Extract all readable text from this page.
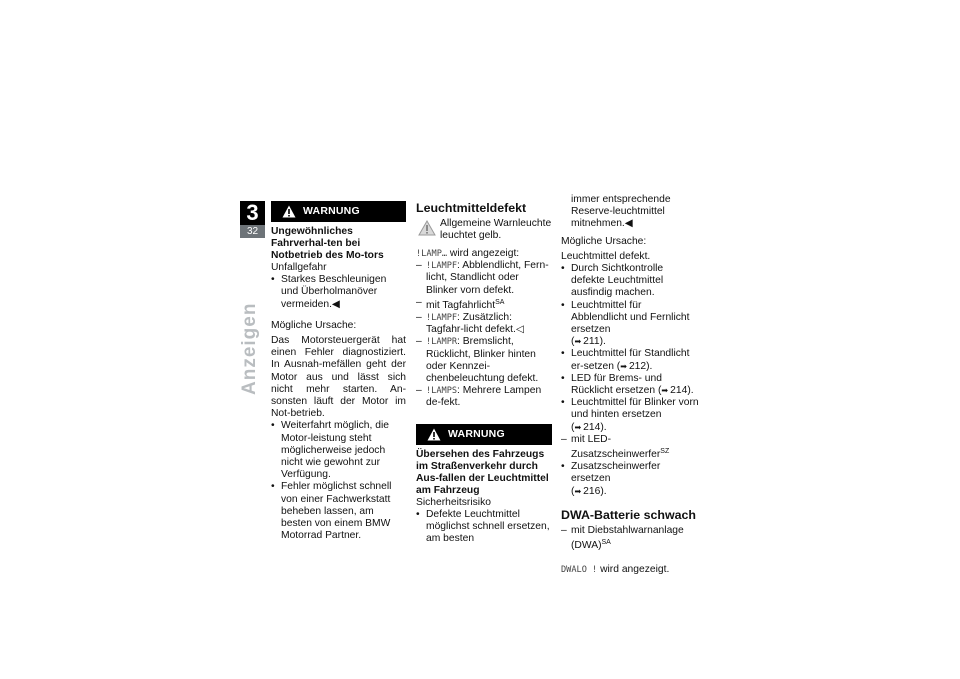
3
32
Anzeigen
WARNUNG
Ungewöhnliches Fahrverhal-ten bei Notbetrieb des Mo-tors
Unfallgefahr
• Starkes Beschleunigen und Überholmanöver vermeiden.◀
Mögliche Ursache:
Das Motorsteuergerät hat einen Fehler diagnostiziert. In Ausnah-mefällen geht der Motor aus und lässt sich nicht mehr starten. An-sonsten läuft der Motor im Not-betrieb.
• Weiterfahrt möglich, die Motor-leistung steht möglicherweise jedoch nicht wie gewohnt zur Verfügung.
• Fehler möglichst schnell von einer Fachwerkstatt beheben lassen, am besten von einem BMW Motorrad Partner.
Leuchtmitteldefekt
Allgemeine Warnleuchte leuchtet gelb.
!LAMP… wird angezeigt:
– !LAMPF: Abblendlicht, Fern-licht, Standlicht oder Blinker vorn defekt.
– mit Tagfahrlicht$^{SA}$
– !LAMPF: Zusätzlich: Tagfahr-licht defekt.◁
– !LAMPR: Bremslicht, Rücklicht, Blinker hinten oder Kennzei-chenbeleuchtung defekt.
– !LAMPS: Mehrere Lampen de-fekt.
WARNUNG
Übersehen des Fahrzeugs im Straßenverkehr durch Aus-fallen der Leuchtmittel am Fahrzeug
Sicherheitsrisiko
• Defekte Leuchtmittel möglichst schnell ersetzen, am besten
immer entsprechende Reserve-leuchtmittel mitnehmen.◀
Mögliche Ursache:
Leuchtmittel defekt.
• Durch Sichtkontrolle defekte Leuchtmittel ausfindig machen.
• Leuchtmittel für Abblendlicht und Fernlicht ersetzen
( ➡ 211).
• Leuchtmittel für Standlicht er-setzen ( ➡ 212).
• LED für Brems- und Rücklicht ersetzen ( ➡ 214).
• Leuchtmittel für Blinker vorn und hinten ersetzen ( ➡ 214).
– mit LED-Zusatzscheinwerfer$^{SZ}$
• Zusatzscheinwerfer ersetzen
( ➡ 216).
DWA-Batterie schwach
– mit Diebstahlwarnanlage (DWA)$^{SA}$
DWALO ! wird angezeigt.
